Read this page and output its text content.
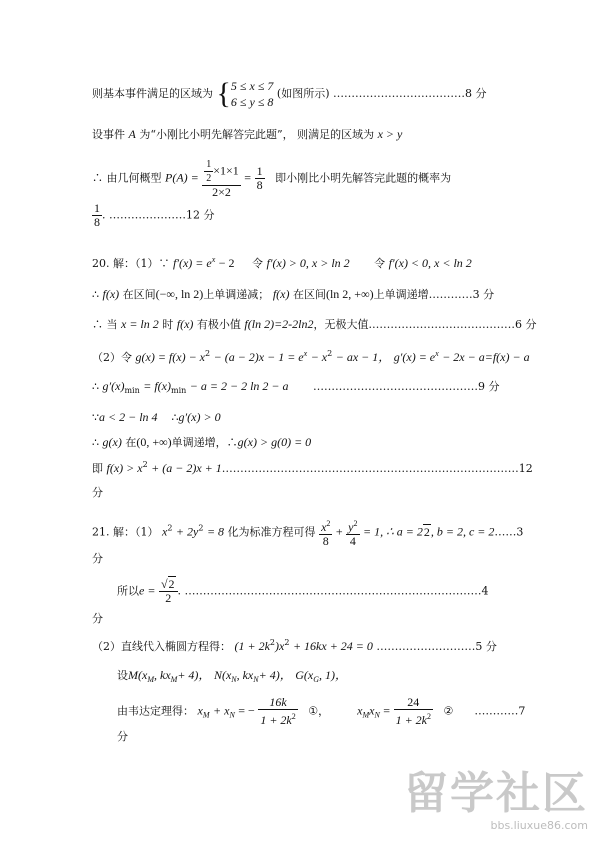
则基本事件满足的区域为 { 5 ≤ x ≤ 7
6 ≤ y ≤ 8
(如图所示) ………………………………8 分
设事件 A 为“小刚比小明先解答完此题”， 则满足的区域为 x > y
∴ 由几何概型 $P(A) = \frac{\frac{1}{2} \times 1\times 1}{2\times 2} = \frac{1}{8}$ 即小刚比小明先解答完此题的概率为
$\frac{1}{8}$ . …………………12 分
20. 解：（1）∵ $f'(x) = e^x - 2$ 令 f′(x) > 0, x > ln 2 令 f′(x) < 0, x < ln 2
∴ f(x) 在区间(−∞, ln 2)上单调递减； f(x) 在区间(ln 2, +∞)上单调递增…………3 分
∴ 当 x = ln 2 时 f(x) 有极小值 f(ln 2)=2-2ln2，无极大值.…………………………………6 分
（2）令 $g(x) = f(x) - x^2 - (a - 2)x - 1 = e^x - x^2$ − ax − 1， $g'(x) = e^x - 2x - a=f(x) - a$
∴ $g'(x)_{min} = f(x)_{min} - a = 2 - 2$ ln 2 − a ………………………………………9 分
∵a < 2 − ln 4 ∴g′(x) > 0
∴ g(x) 在(0, +∞)单调递增，∴g(x) > g(0) = 0
即 $f(x) > x^2 + (a - 2)x$ + 1………………………………………………………………………12
分
21. 解：（1） $x^2 + 2y^2 = 8$ 化为标准方程可得 $\frac{x^2}{8} + \frac{y^2}{4} = 1$, ∴ a = 22, b = 2, c = 2……3
分
所以$e = \frac{√2}{2}$ . ………………………………………………………………………4
分
（2）直线代入椭圆方程得： $(1 + 2k^2)x^2 + 16kx + 24 = 0$ ………………………5 分
设$M(x_M$, $kx_M+ 4$)， $N(x_N$, $kx_N+ 4$)， $G(x_G$, 1)，
由韦达定理得： $x_M + x_N$ = − $\frac{16k}{1 + 2k^2}$ ①， $x_Mx_N = \frac{24}{1 + 2k^2}$ ② …………7
分
留学社区
bbs.liuxue86.com
